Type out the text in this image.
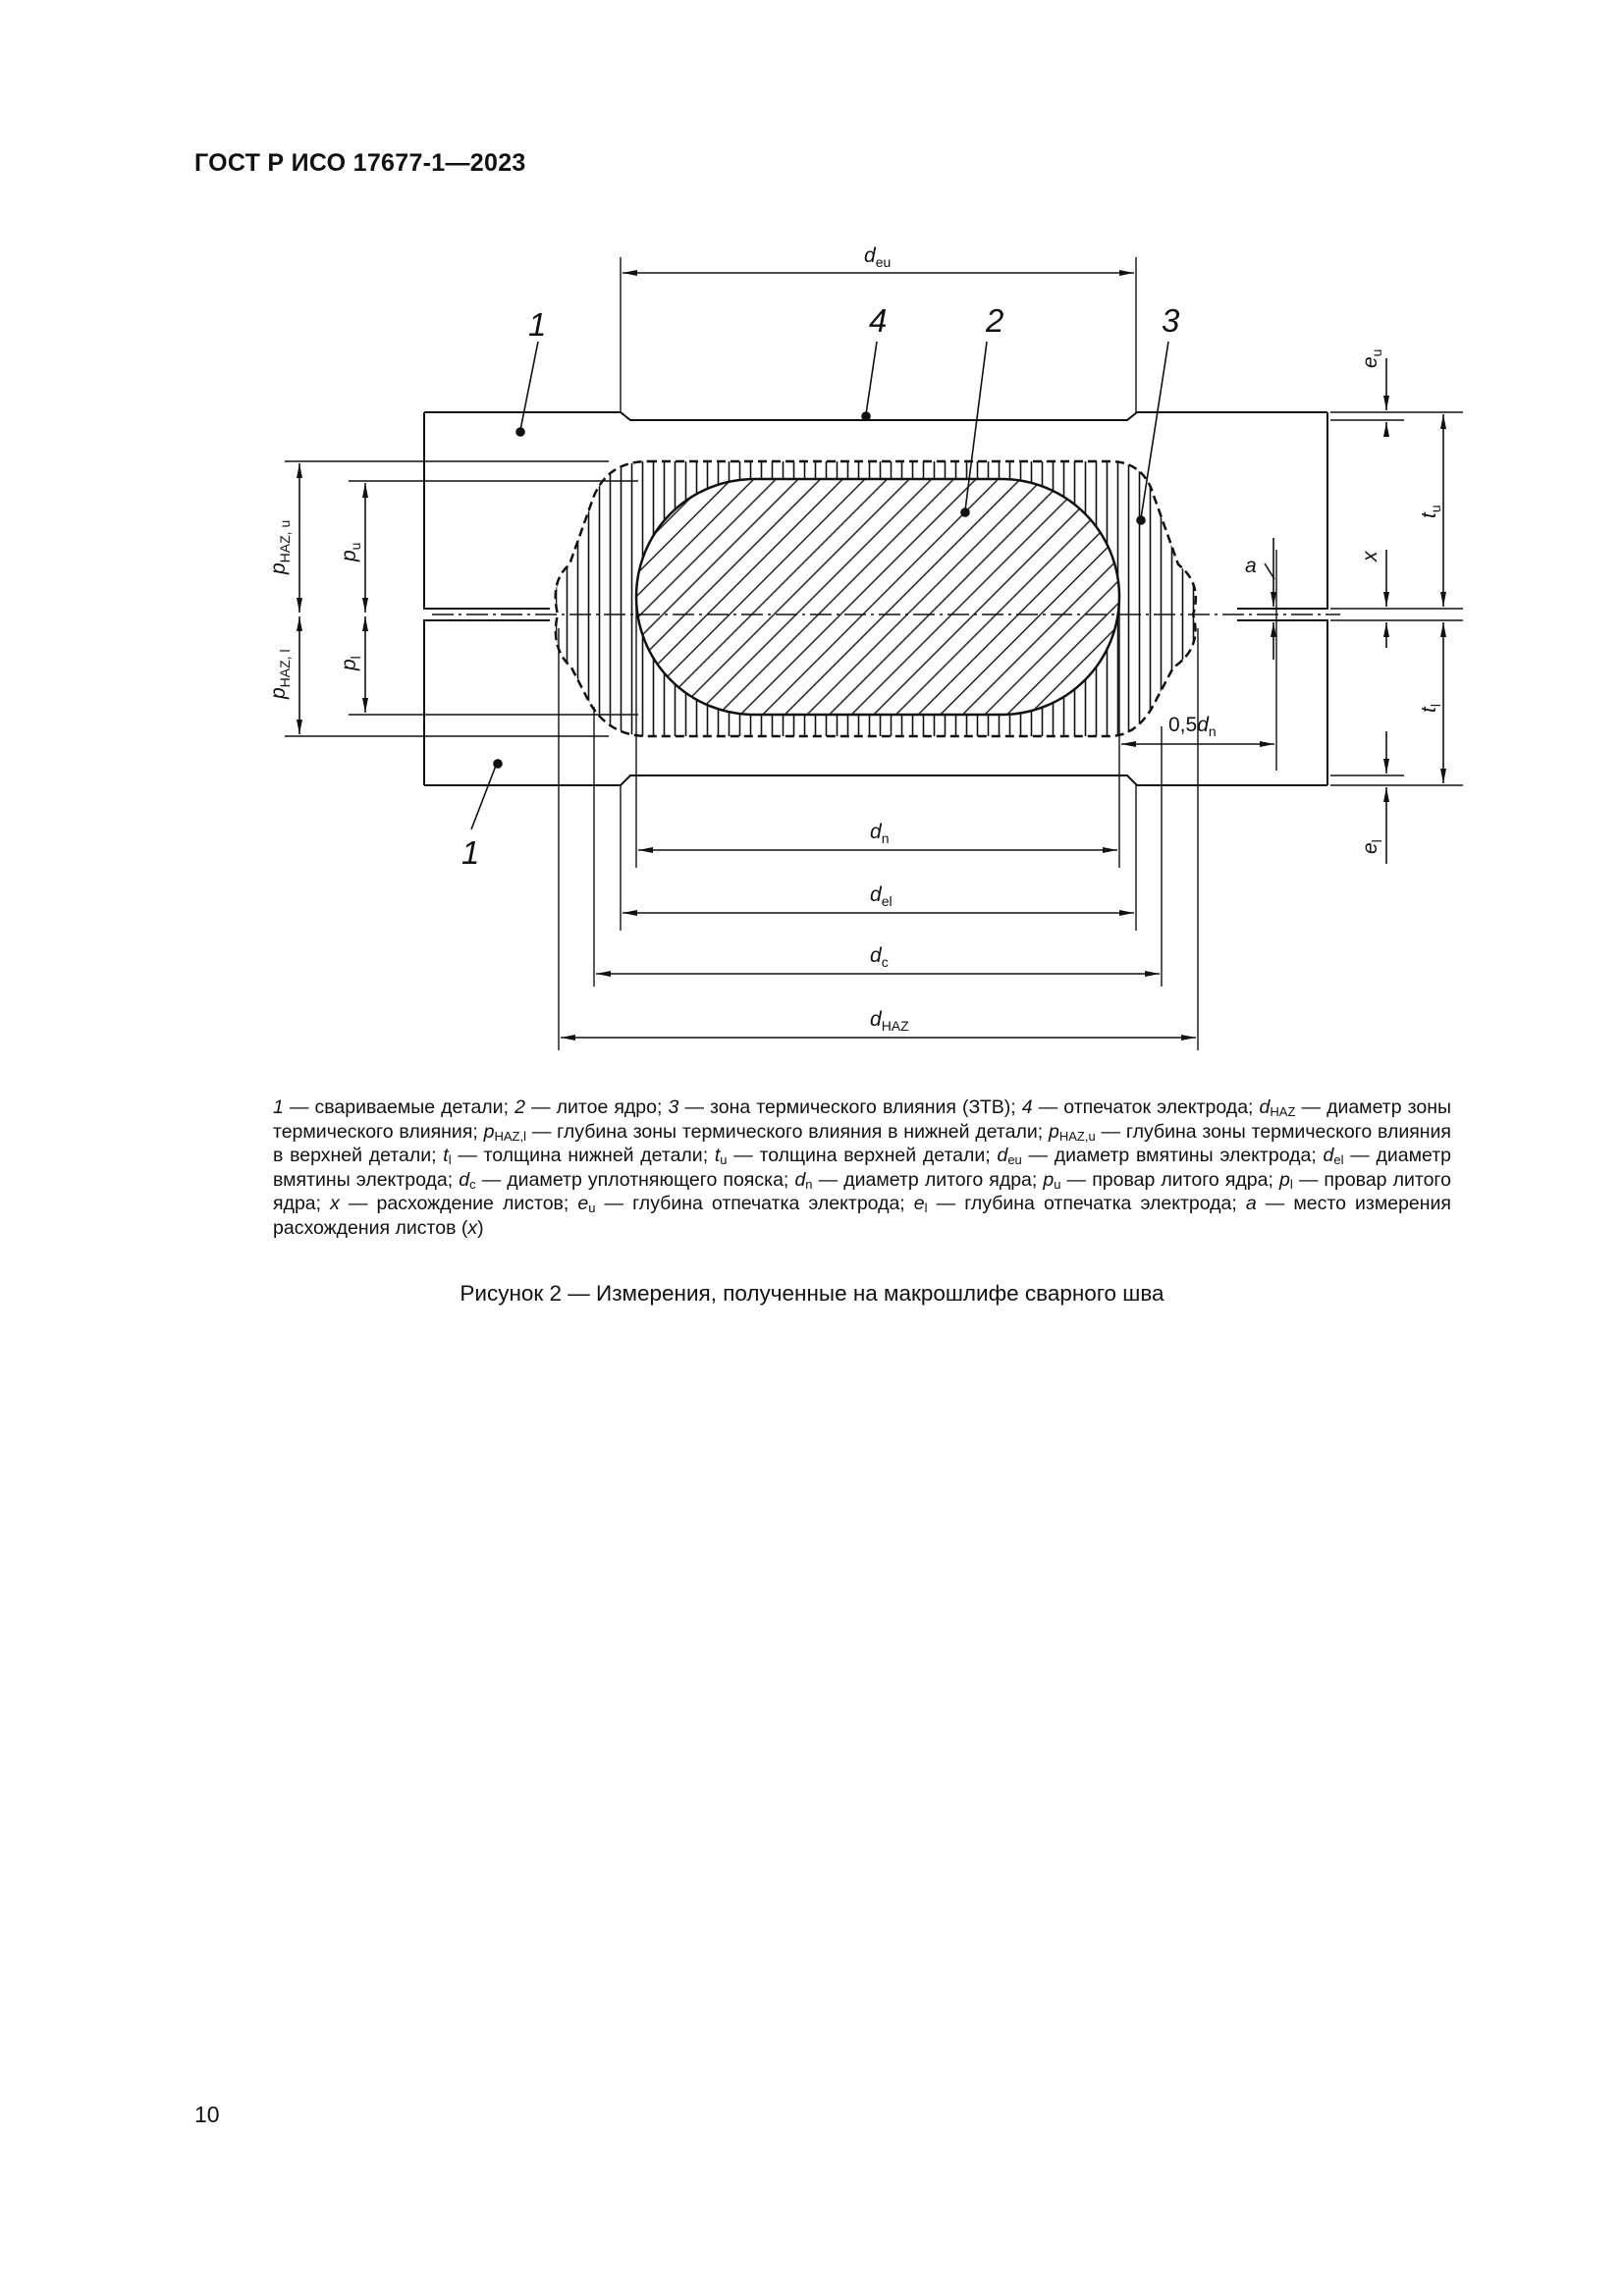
ГОСТ Р ИСО 17677-1—2023
1	4	2	3
1
$d_{eu}$
$d_n$
$d_{el}$
$d_c$
$d_{HAZ}$
$0,5d_n$
a
$p_{HAZ, u}$
$p_{HAZ, l}$
$p_u$
$p_l$
$e_u$
$e_l$
x
$t_u$
$t_l$
1 — свариваемые детали; 2 — литое ядро; 3 — зона термического влияния (ЗТВ); 4 — отпечаток электрода; $d_{HAZ}$ — диаметр зоны термического влияния; $p_{HAZ,l}$ — глубина зоны термического влияния в нижней детали; $p_{HAZ,u}$ — глубина зоны термического влияния в верхней детали; $t_l$ — толщина нижней детали; $t_u$ — толщина верхней детали; $d_{eu}$ — диаметр вмятины электрода; $d_{el}$ — диаметр вмятины электрода; $d_c$ — диаметр уплотняющего пояска; $d_n$ — диаметр литого ядра; $p_u$ — провар литого ядра; $p_l$ — провар литого ядра; x — расхождение листов; $e_u$ — глубина отпечатка электрода; $e_l$ — глубина отпечатка электрода; a — место измерения расхождения листов (x)
Рисунок 2 — Измерения, полученные на макрошлифе сварного шва
10
